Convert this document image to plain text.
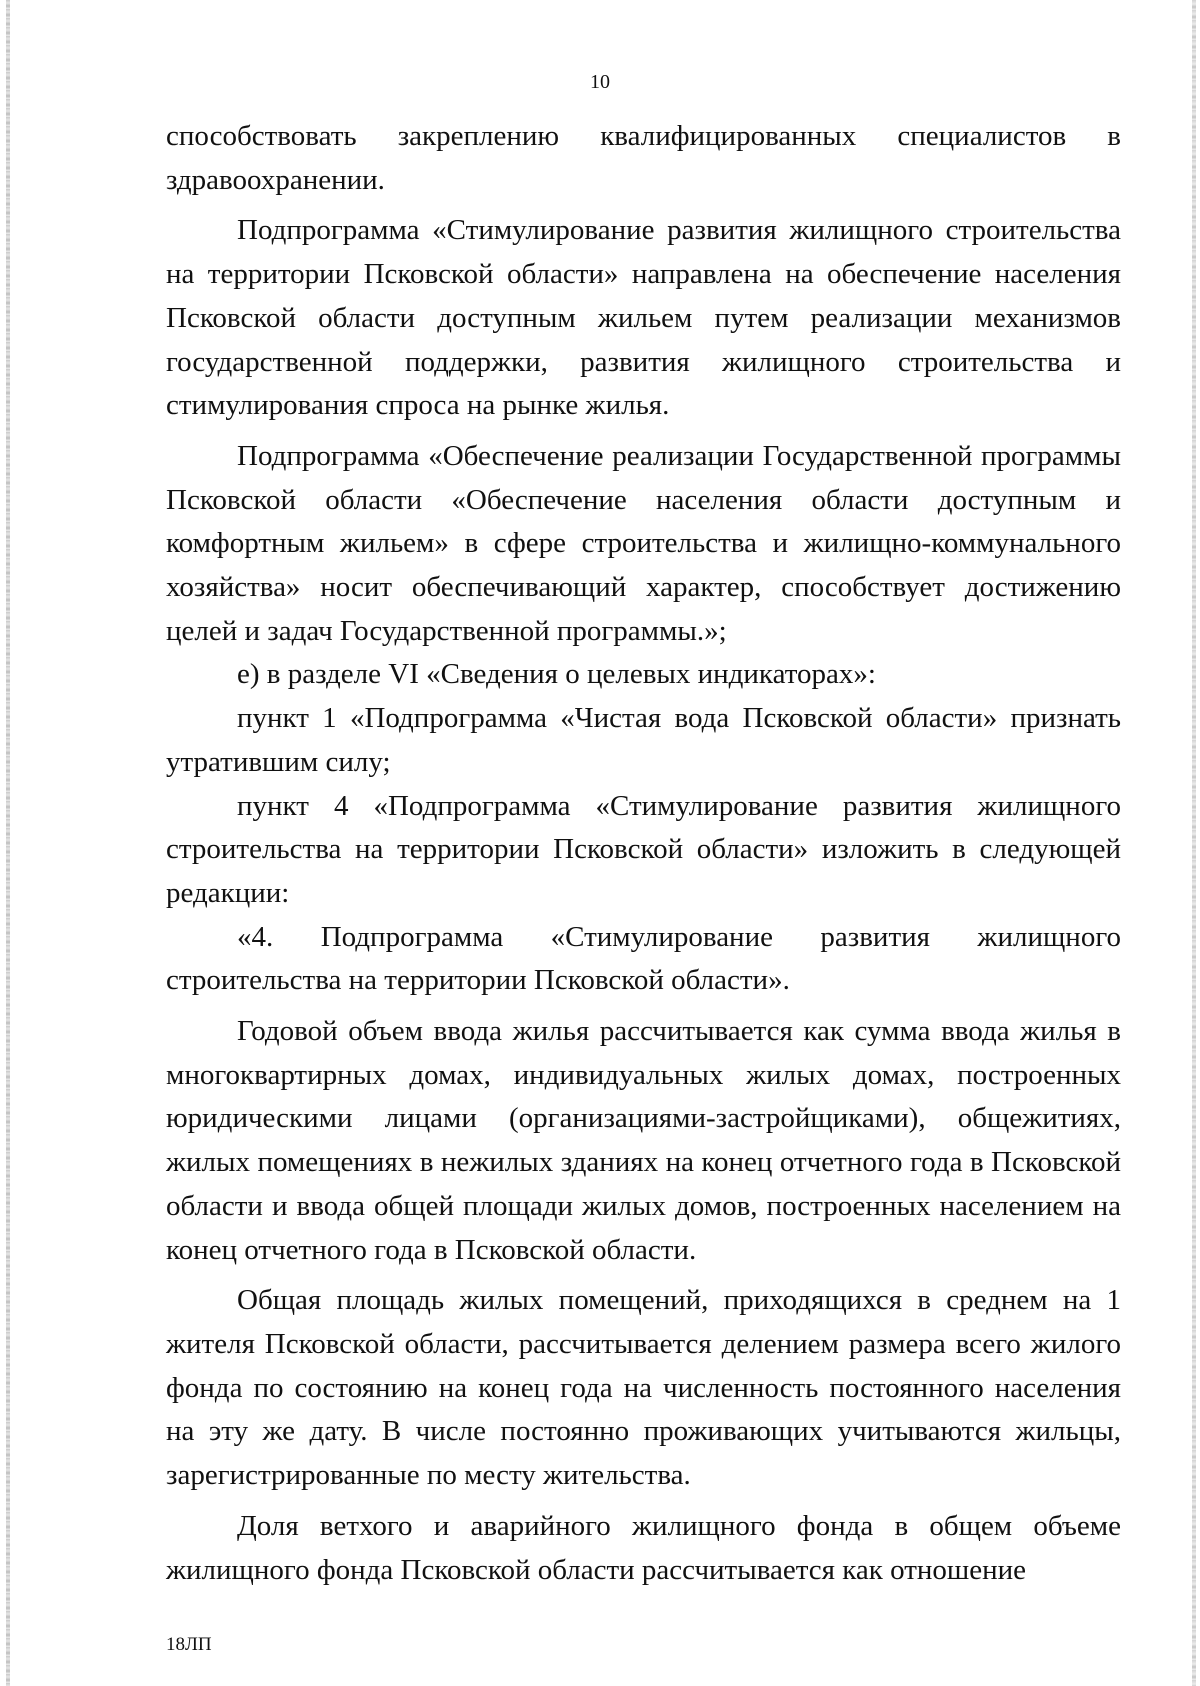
10

способствовать закреплению квалифицированных специалистов в здравоохранении.

Подпрограмма «Стимулирование развития жилищного строительства на территории Псковской области» направлена на обеспечение населения Псковской области доступным жильем путем реализации механизмов государственной поддержки, развития жилищного строительства и стимулирования спроса на рынке жилья.

Подпрограмма «Обеспечение реализации Государственной программы Псковской области «Обеспечение населения области доступным и комфортным жильем» в сфере строительства и жилищно-коммунального хозяйства» носит обеспечивающий характер, способствует достижению целей и задач Государственной программы.»;

е) в разделе VI «Сведения о целевых индикаторах»:

пункт 1 «Подпрограмма «Чистая вода Псковской области» признать утратившим силу;

пункт 4 «Подпрограмма «Стимулирование развития жилищного строительства на территории Псковской области» изложить в следующей редакции:

«4. Подпрограмма «Стимулирование развития жилищного строительства на территории Псковской области».

Годовой объем ввода жилья рассчитывается как сумма ввода жилья в многоквартирных домах, индивидуальных жилых домах, построенных юридическими лицами (организациями-застройщиками), общежитиях, жилых помещениях в нежилых зданиях на конец отчетного года в Псковской области и ввода общей площади жилых домов, построенных населением на конец отчетного года в Псковской области.

Общая площадь жилых помещений, приходящихся в среднем на 1 жителя Псковской области, рассчитывается делением размера всего жилого фонда по состоянию на конец года на численность постоянного населения на эту же дату. В числе постоянно проживающих учитываются жильцы, зарегистрированные по месту жительства.

Доля ветхого и аварийного жилищного фонда в общем объеме жилищного фонда Псковской области рассчитывается как отношение

18ЛП
